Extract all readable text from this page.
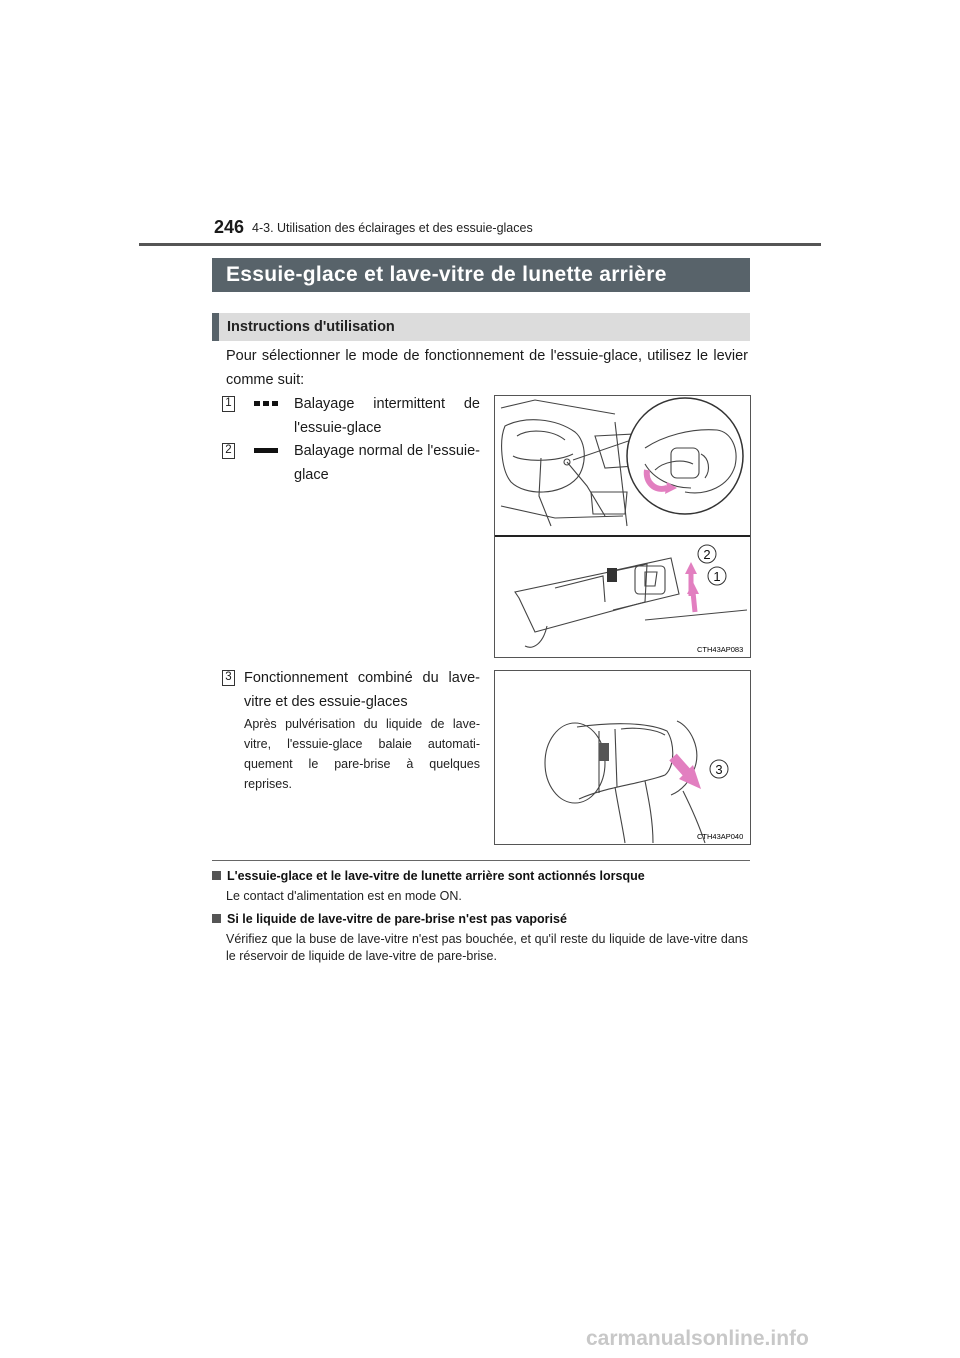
246 4-3. Utilisation des éclairages et des essuie-glaces
Essuie-glace et lave-vitre de lunette arrière
Instructions d'utilisation
Pour sélectionner le mode de fonctionnement de l'essuie-glace, utilisez le levier comme suit:
1	Balayage intermittent de l'essuie-glace
2	Balayage normal de l'essuie-glace
2
1
CTH43AP083
3 Fonctionnement combiné du lave-vitre et des essuie-glaces
Après pulvérisation du liquide de lave-vitre, l'essuie-glace balaie automati-quement le pare-brise à quelques reprises.
3
CTH43AP040
L'essuie-glace et le lave-vitre de lunette arrière sont actionnés lorsque
Le contact d'alimentation est en mode ON.
Si le liquide de lave-vitre de pare-brise n'est pas vaporisé
Vérifiez que la buse de lave-vitre n'est pas bouchée, et qu'il reste du liquide de lave-vitre dans le réservoir de liquide de lave-vitre de pare-brise.
carmanualsonline.info
